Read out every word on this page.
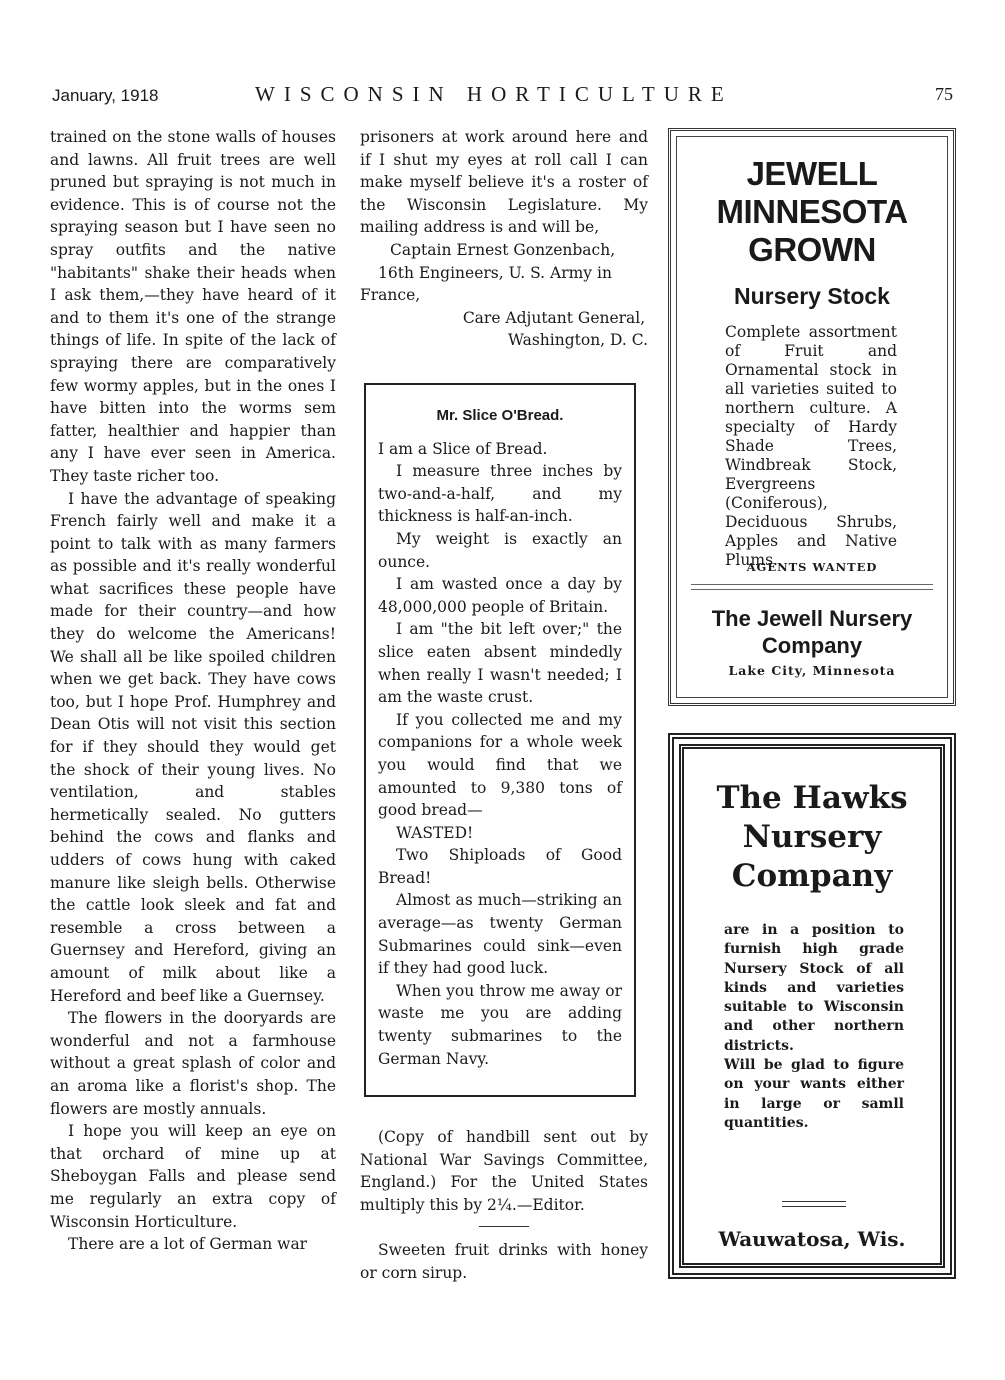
January, 1918	WISCONSIN HORTICULTURE	75

trained on the stone walls of houses and lawns. All fruit trees are well pruned but spraying is not much in evidence. This is of course not the spraying season but I have seen no spray outfits and the native "habitants" shake their heads when I ask them,—they have heard of it and to them it's one of the strange things of life. In spite of the lack of spraying there are comparatively few wormy apples, but in the ones I have bitten into the worms sem fatter, healthier and happier than any I have ever seen in America. They taste richer too.

I have the advantage of speaking French fairly well and make it a point to talk with as many farmers as possible and it's really wonderful what sacrifices these people have made for their country—and how they do welcome the Americans! We shall all be like spoiled children when we get back. They have cows too, but I hope Prof. Humphrey and Dean Otis will not visit this section for if they should they would get the shock of their young lives. No ventilation, and stables hermetically sealed. No gutters behind the cows and flanks and udders of cows hung with caked manure like sleigh bells. Otherwise the cattle look sleek and fat and resemble a cross between a Guernsey and Hereford, giving an amount of milk about like a Hereford and beef like a Guernsey.

The flowers in the dooryards are wonderful and not a farmhouse without a great splash of color and an aroma like a florist's shop. The flowers are mostly annuals.

I hope you will keep an eye on that orchard of mine up at Sheboygan Falls and please send me regularly an extra copy of Wisconsin Horticulture.

There are a lot of German war

prisoners at work around here and if I shut my eyes at roll call I can make myself believe it's a roster of the Wisconsin Legislature. My mailing address is and will be,

Captain Ernest Gonzenbach,

16th Engineers, U. S. Army in France,

Care Adjutant General,

Washington, D. C.

Mr. Slice O'Bread.

I am a Slice of Bread.

I measure three inches by two-and-a-half, and my thickness is half-an-inch.

My weight is exactly an ounce.

I am wasted once a day by 48,000,000 people of Britain.

I am "the bit left over;" the slice eaten absent mindedly when really I wasn't needed; I am the waste crust.

If you collected me and my companions for a whole week you would find that we amounted to 9,380 tons of good bread—

WASTED!

Two Shiploads of Good Bread!

Almost as much—striking an average—as twenty German Submarines could sink—even if they had good luck.

When you throw me away or waste me you are adding twenty submarines to the German Navy.

(Copy of handbill sent out by National War Savings Committee, England.) For the United States multiply this by 2¼.—Editor.

Sweeten fruit drinks with honey or corn sirup.

JEWELL
MINNESOTA
GROWN
Nursery Stock
Complete assortment of Fruit and Ornamental stock in all varieties suited to northern culture. A specialty of Hardy Shade Trees, Windbreak Stock, Evergreens (Coniferous), Deciduous Shrubs, Apples and Native Plums.
AGENTS WANTED
The Jewell Nursery
Company
Lake City, Minnesota
The Hawks
Nursery
Company
are in a position to furnish high grade Nursery Stock of all kinds and varieties suitable to Wisconsin and other northern districts.
Will be glad to figure on your wants either in large or samll quantities.
Wauwatosa, Wis.
